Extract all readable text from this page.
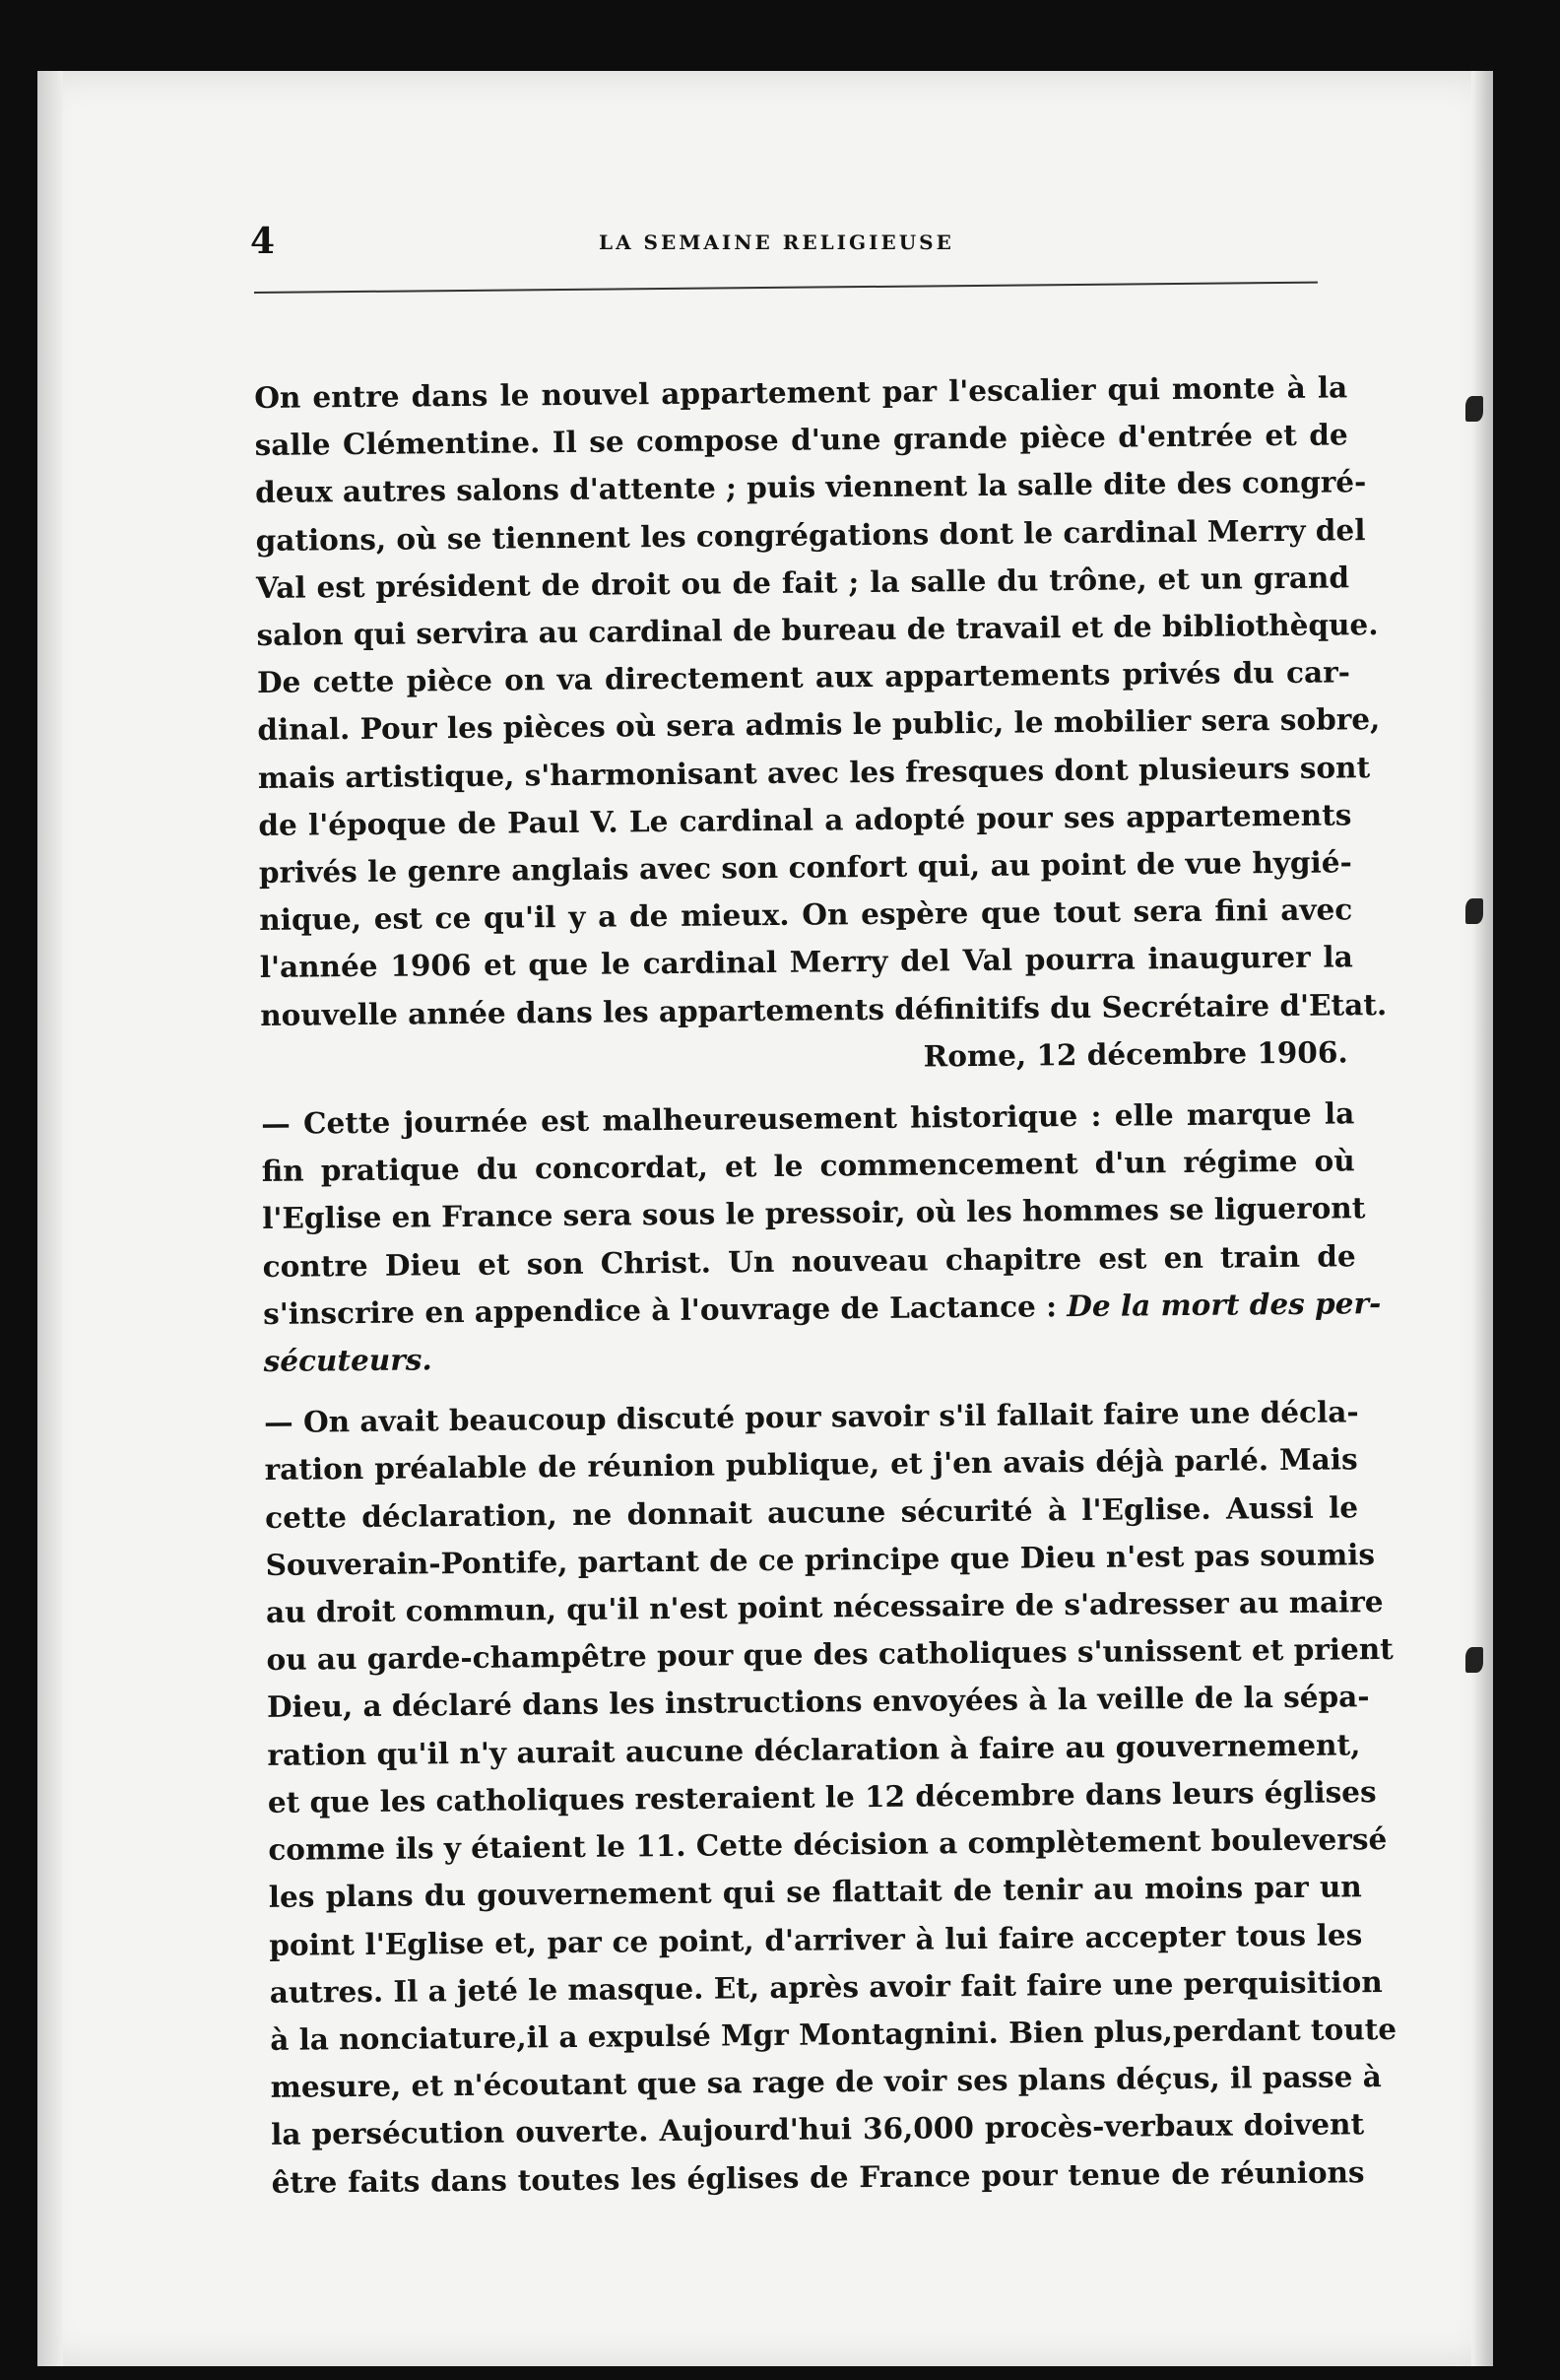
4	LA SEMAINE RELIGIEUSE
On entre dans le nouvel appartement par l'escalier qui monte à la
salle Clémentine. Il se compose d'une grande pièce d'entrée et de
deux autres salons d'attente ; puis viennent la salle dite des congré-
gations, où se tiennent les congrégations dont le cardinal Merry del
Val est président de droit ou de fait ; la salle du trône, et un grand
salon qui servira au cardinal de bureau de travail et de bibliothèque.
De cette pièce on va directement aux appartements privés du car-
dinal. Pour les pièces où sera admis le public, le mobilier sera sobre,
mais artistique, s'harmonisant avec les fresques dont plusieurs sont
de l'époque de Paul V. Le cardinal a adopté pour ses appartements
privés le genre anglais avec son confort qui, au point de vue hygié-
nique, est ce qu'il y a de mieux. On espère que tout sera fini avec
l'année 1906 et que le cardinal Merry del Val pourra inaugurer la
nouvelle année dans les appartements définitifs du Secrétaire d'Etat.
Rome, 12 décembre 1906.
— Cette journée est malheureusement historique : elle marque la
fin pratique du concordat, et le commencement d'un régime où
l'Eglise en France sera sous le pressoir, où les hommes se ligueront
contre Dieu et son Christ. Un nouveau chapitre est en train de
s'inscrire en appendice à l'ouvrage de Lactance : De la mort des per-
sécuteurs.
— On avait beaucoup discuté pour savoir s'il fallait faire une décla-
ration préalable de réunion publique, et j'en avais déjà parlé. Mais
cette déclaration, ne donnait aucune sécurité à l'Eglise. Aussi le
Souverain-Pontife, partant de ce principe que Dieu n'est pas soumis
au droit commun, qu'il n'est point nécessaire de s'adresser au maire
ou au garde-champêtre pour que des catholiques s'unissent et prient
Dieu, a déclaré dans les instructions envoyées à la veille de la sépa-
ration qu'il n'y aurait aucune déclaration à faire au gouvernement,
et que les catholiques resteraient le 12 décembre dans leurs églises
comme ils y étaient le 11. Cette décision a complètement bouleversé
les plans du gouvernement qui se flattait de tenir au moins par un
point l'Eglise et, par ce point, d'arriver à lui faire accepter tous les
autres. Il a jeté le masque. Et, après avoir fait faire une perquisition
à la nonciature,il a expulsé Mgr Montagnini. Bien plus,perdant toute
mesure, et n'écoutant que sa rage de voir ses plans déçus, il passe à
la persécution ouverte. Aujourd'hui 36,000 procès-verbaux doivent
être faits dans toutes les églises de France pour tenue de réunions
